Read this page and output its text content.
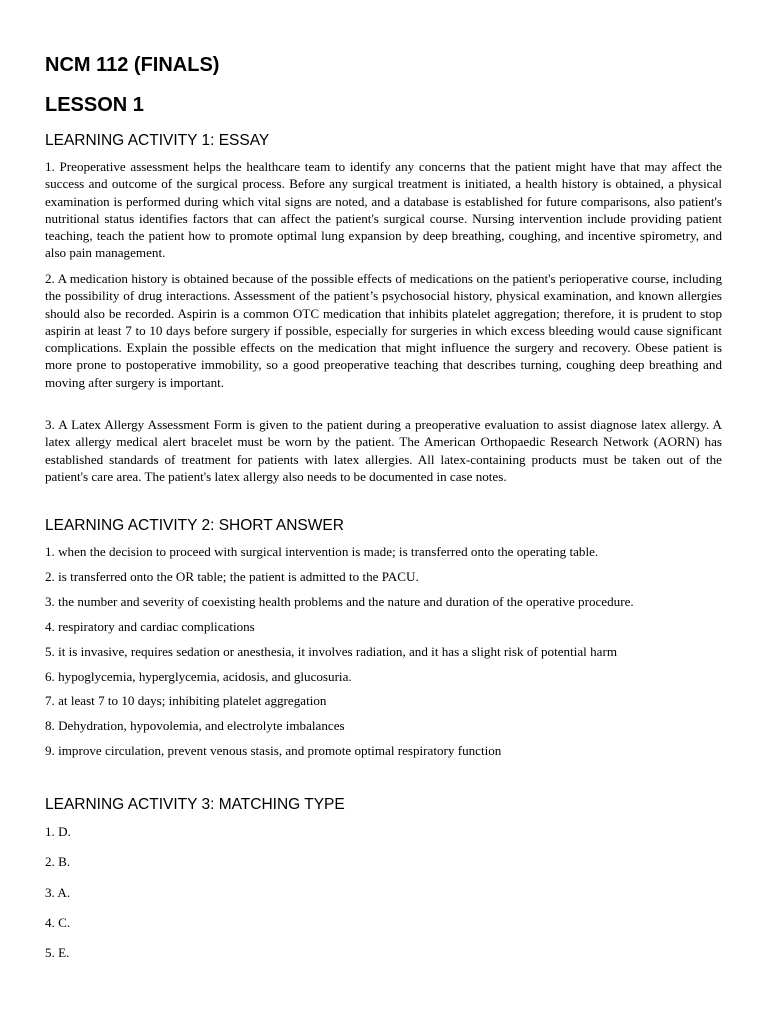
NCM 112 (FINALS)
LESSON 1
LEARNING ACTIVITY 1: ESSAY

1. Preoperative assessment helps the healthcare team to identify any concerns that the patient might have that may affect the success and outcome of the surgical process. Before any surgical treatment is initiated, a health history is obtained, a physical examination is performed during which vital signs are noted, and a database is established for future comparisons, also patient's nutritional status identifies factors that can affect the patient's surgical course. Nursing intervention include providing patient teaching, teach the patient how to promote optimal lung expansion by deep breathing, coughing, and incentive spirometry, and also pain management.

2. A medication history is obtained because of the possible effects of medications on the patient's perioperative course, including the possibility of drug interactions. Assessment of the patient’s psychosocial history, physical examination, and known allergies should also be recorded. Aspirin is a common OTC medication that inhibits platelet aggregation; therefore, it is prudent to stop aspirin at least 7 to 10 days before surgery if possible, especially for surgeries in which excess bleeding would cause significant complications. Explain the possible effects on the medication that might influence the surgery and recovery. Obese patient is more prone to postoperative immobility, so a good preoperative teaching that describes turning, coughing deep breathing and moving after surgery is important.

3. A Latex Allergy Assessment Form is given to the patient during a preoperative evaluation to assist diagnose latex allergy. A latex allergy medical alert bracelet must be worn by the patient. The American Orthopaedic Research Network (AORN) has established standards of treatment for patients with latex allergies. All latex-containing products must be taken out of the patient's care area. The patient's latex allergy also needs to be documented in case notes.

LEARNING ACTIVITY 2: SHORT ANSWER

1. when the decision to proceed with surgical intervention is made; is transferred onto the operating table.

2. is transferred onto the OR table; the patient is admitted to the PACU.

3. the number and severity of coexisting health problems and the nature and duration of the operative procedure.

4. respiratory and cardiac complications

5. it is invasive, requires sedation or anesthesia, it involves radiation, and it has a slight risk of potential harm

6. hypoglycemia, hyperglycemia, acidosis, and glucosuria.

7. at least 7 to 10 days; inhibiting platelet aggregation

8. Dehydration, hypovolemia, and electrolyte imbalances

9. improve circulation, prevent venous stasis, and promote optimal respiratory function

LEARNING ACTIVITY 3: MATCHING TYPE

1. D.

2. B.

3. A.

4. C.

5. E.
